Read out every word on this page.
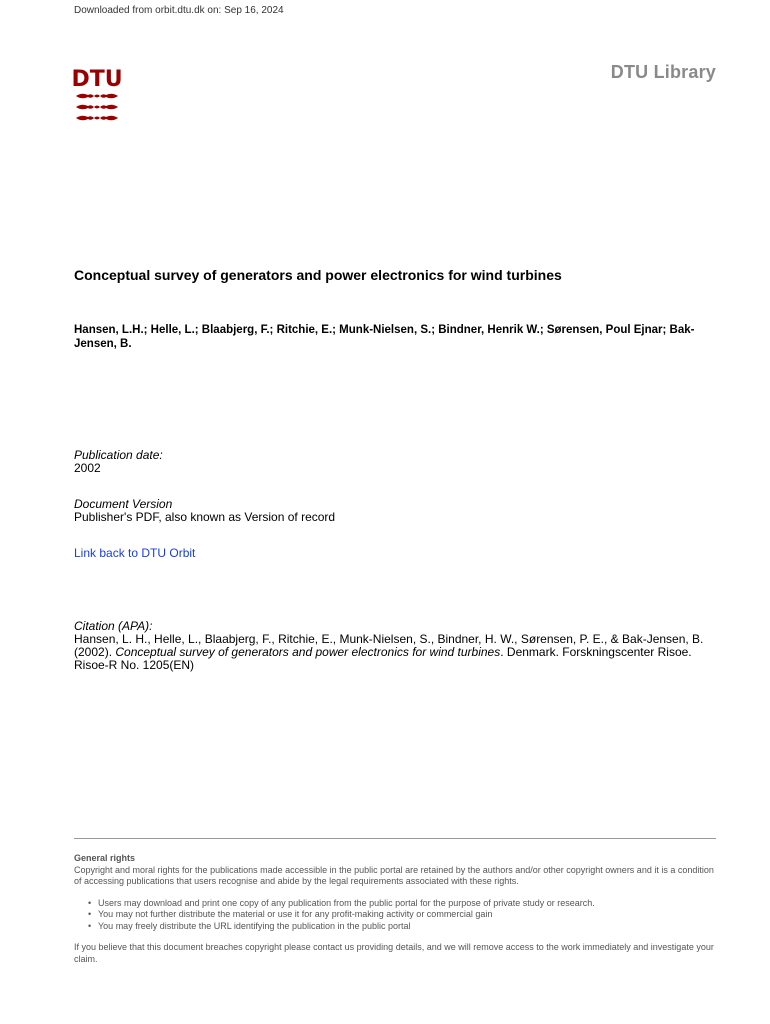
Downloaded from orbit.dtu.dk on: Sep 16, 2024
DTU	DTU Library
Conceptual survey of generators and power electronics for wind turbines
Hansen, L.H.; Helle, L.; Blaabjerg, F.; Ritchie, E.; Munk-Nielsen, S.; Bindner, Henrik W.; Sørensen, Poul Ejnar; Bak-Jensen, B.
Publication date:
2002
Document Version
Publisher's PDF, also known as Version of record
Link back to DTU Orbit
Citation (APA):
Hansen, L. H., Helle, L., Blaabjerg, F., Ritchie, E., Munk-Nielsen, S., Bindner, H. W., Sørensen, P. E., & Bak-Jensen, B. (2002). Conceptual survey of generators and power electronics for wind turbines. Denmark. Forskningscenter Risoe. Risoe-R No. 1205(EN)

General rights

Copyright and moral rights for the publications made accessible in the public portal are retained by the authors and/or other copyright owners and it is a condition of accessing publications that users recognise and abide by the legal requirements associated with these rights.

• Users may download and print one copy of any publication from the public portal for the purpose of private study or research.
• You may not further distribute the material or use it for any profit-making activity or commercial gain
• You may freely distribute the URL identifying the publication in the public portal

If you believe that this document breaches copyright please contact us providing details, and we will remove access to the work immediately and investigate your claim.
